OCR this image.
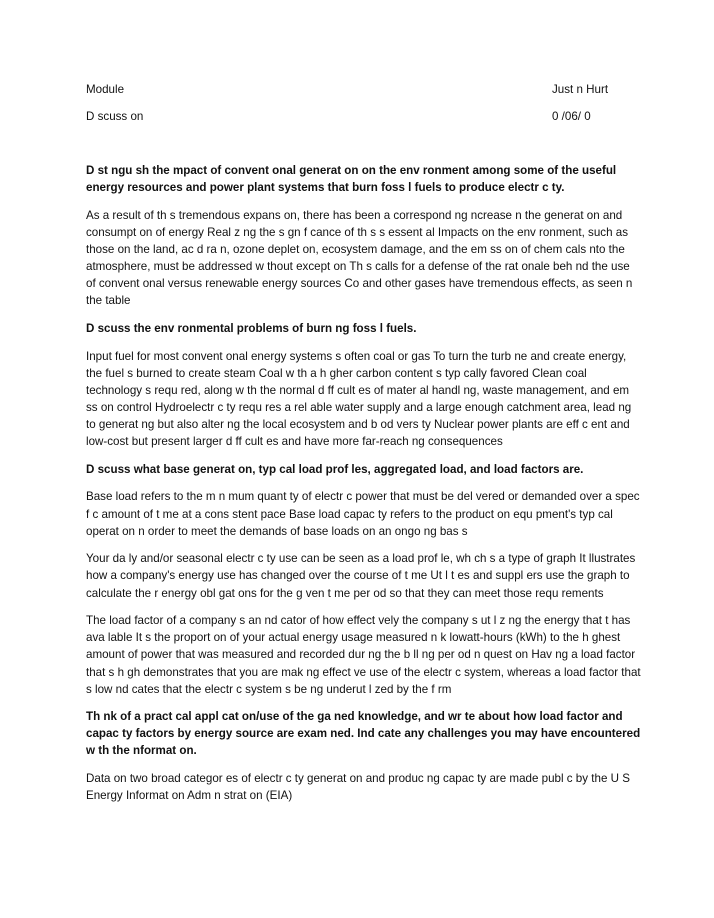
Module	Just n Hurt
D scuss on	0 /06/ 0

D st ngu sh the mpact of convent onal generat on on the env ronment among some of the useful energy resources and power plant systems that burn foss l fuels to produce electr c ty.

As a result of th s tremendous expans on, there has been a correspond ng ncrease n the generat on and consumpt on of energy Real z ng the s gn f cance of th s s essent al Impacts on the env ronment, such as those on the land, ac d ra n, ozone deplet on, ecosystem damage, and the em ss on of chem cals nto the atmosphere, must be addressed w thout except on Th s calls for a defense of the rat onale beh nd the use of convent onal versus renewable energy sources Co and other gases have tremendous effects, as seen n the table

D scuss the env ronmental problems of burn ng foss l fuels.

Input fuel for most convent onal energy systems s often coal or gas To turn the turb ne and create energy, the fuel s burned to create steam Coal w th a h gher carbon content s typ cally favored Clean coal technology s requ red, along w th the normal d ff cult es of mater al handl ng, waste management, and em ss on control Hydroelectr c ty requ res a rel able water supply and a large enough catchment area, lead ng to generat ng but also alter ng the local ecosystem and b od vers ty Nuclear power plants are eff c ent and low-cost but present larger d ff cult es and have more far-reach ng consequences

D scuss what base generat on, typ cal load prof les, aggregated load, and load factors are.

Base load refers to the m n mum quant ty of electr c power that must be del vered or demanded over a spec f c amount of t me at a cons stent pace Base load capac ty refers to the product on equ pment's typ cal operat on n order to meet the demands of base loads on an ongo ng bas s

Your da ly and/or seasonal electr c ty use can be seen as a load prof le, wh ch s a type of graph It llustrates how a company's energy use has changed over the course of t me Ut l t es and suppl ers use the graph to calculate the r energy obl gat ons for the g ven t me per od so that they can meet those requ rements

The load factor of a company s an nd cator of how effect vely the company s ut l z ng the energy that t has ava lable It s the proport on of your actual energy usage measured n k lowatt-hours (kWh) to the h ghest amount of power that was measured and recorded dur ng the b ll ng per od n quest on Hav ng a load factor that s h gh demonstrates that you are mak ng effect ve use of the electr c system, whereas a load factor that s low nd cates that the electr c system s be ng underut l zed by the f rm

Th nk of a pract cal appl cat on/use of the ga ned knowledge, and wr te about how load factor and capac ty factors by energy source are exam ned. Ind cate any challenges you may have encountered w th the nformat on.

Data on two broad categor es of electr c ty generat on and produc ng capac ty are made publ c by the U S Energy Informat on Adm n strat on (EIA)
